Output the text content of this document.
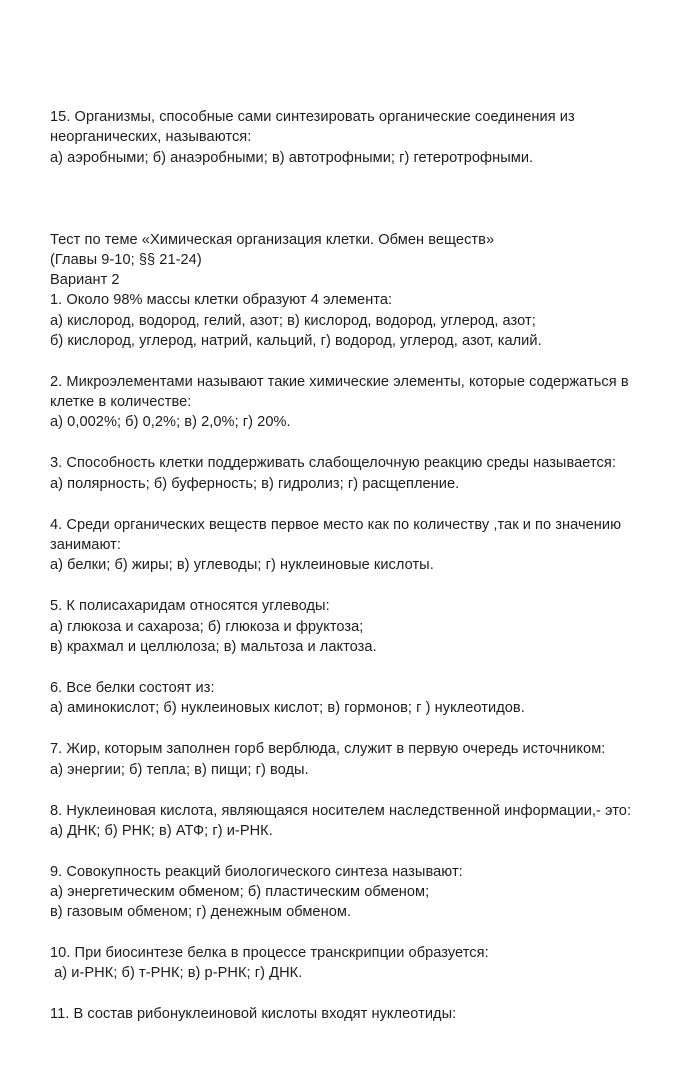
15. Организмы, способные сами синтезировать органические соединения из
неорганических, называются:
а) аэробными; б) анаэробными; в) автотрофными; г) гетеротрофными.
Тест по теме «Химическая организация клетки. Обмен веществ»
(Главы 9-10; §§ 21-24)
Вариант 2
1. Около 98% массы клетки образуют 4 элемента:
а) кислород, водород, гелий, азот; в) кислород, водород, углерод, азот;
б) кислород, углерод, натрий, кальций, г) водород, углерод, азот, калий.
2. Микроэлементами называют такие химические элементы, которые содержаться в
клетке в количестве:
а) 0,002%; б) 0,2%; в) 2,0%; г) 20%.
3. Способность клетки поддерживать слабощелочную реакцию среды называется:
а) полярность; б) буферность; в) гидролиз; г) расщепление.
4. Среди органических веществ первое место как по количеству ,так и по значению
занимают:
а) белки; б) жиры; в) углеводы; г) нуклеиновые кислоты.
5. К полисахаридам относятся углеводы:
а) глюкоза и сахароза; б) глюкоза и фруктоза;
в) крахмал и целлюлоза; в) мальтоза и лактоза.
6. Все белки состоят из:
а) аминокислот; б) нуклеиновых кислот; в) гормонов; г ) нуклеотидов.
7. Жир, которым заполнен горб верблюда, служит в первую очередь источником:
а) энергии; б) тепла; в) пищи; г) воды.
8. Нуклеиновая кислота, являющаяся носителем наследственной информации,- это:
а) ДНК; б) РНК; в) АТФ; г) и-РНК.
9. Совокупность реакций биологического синтеза называют:
а) энергетическим обменом; б) пластическим обменом;
в) газовым обменом; г) денежным обменом.
10. При биосинтезе белка в процессе транскрипции образуется:
а) и-РНК; б) т-РНК; в) р-РНК; г) ДНК.
11. В состав рибонуклеиновой кислоты входят нуклеотиды:
